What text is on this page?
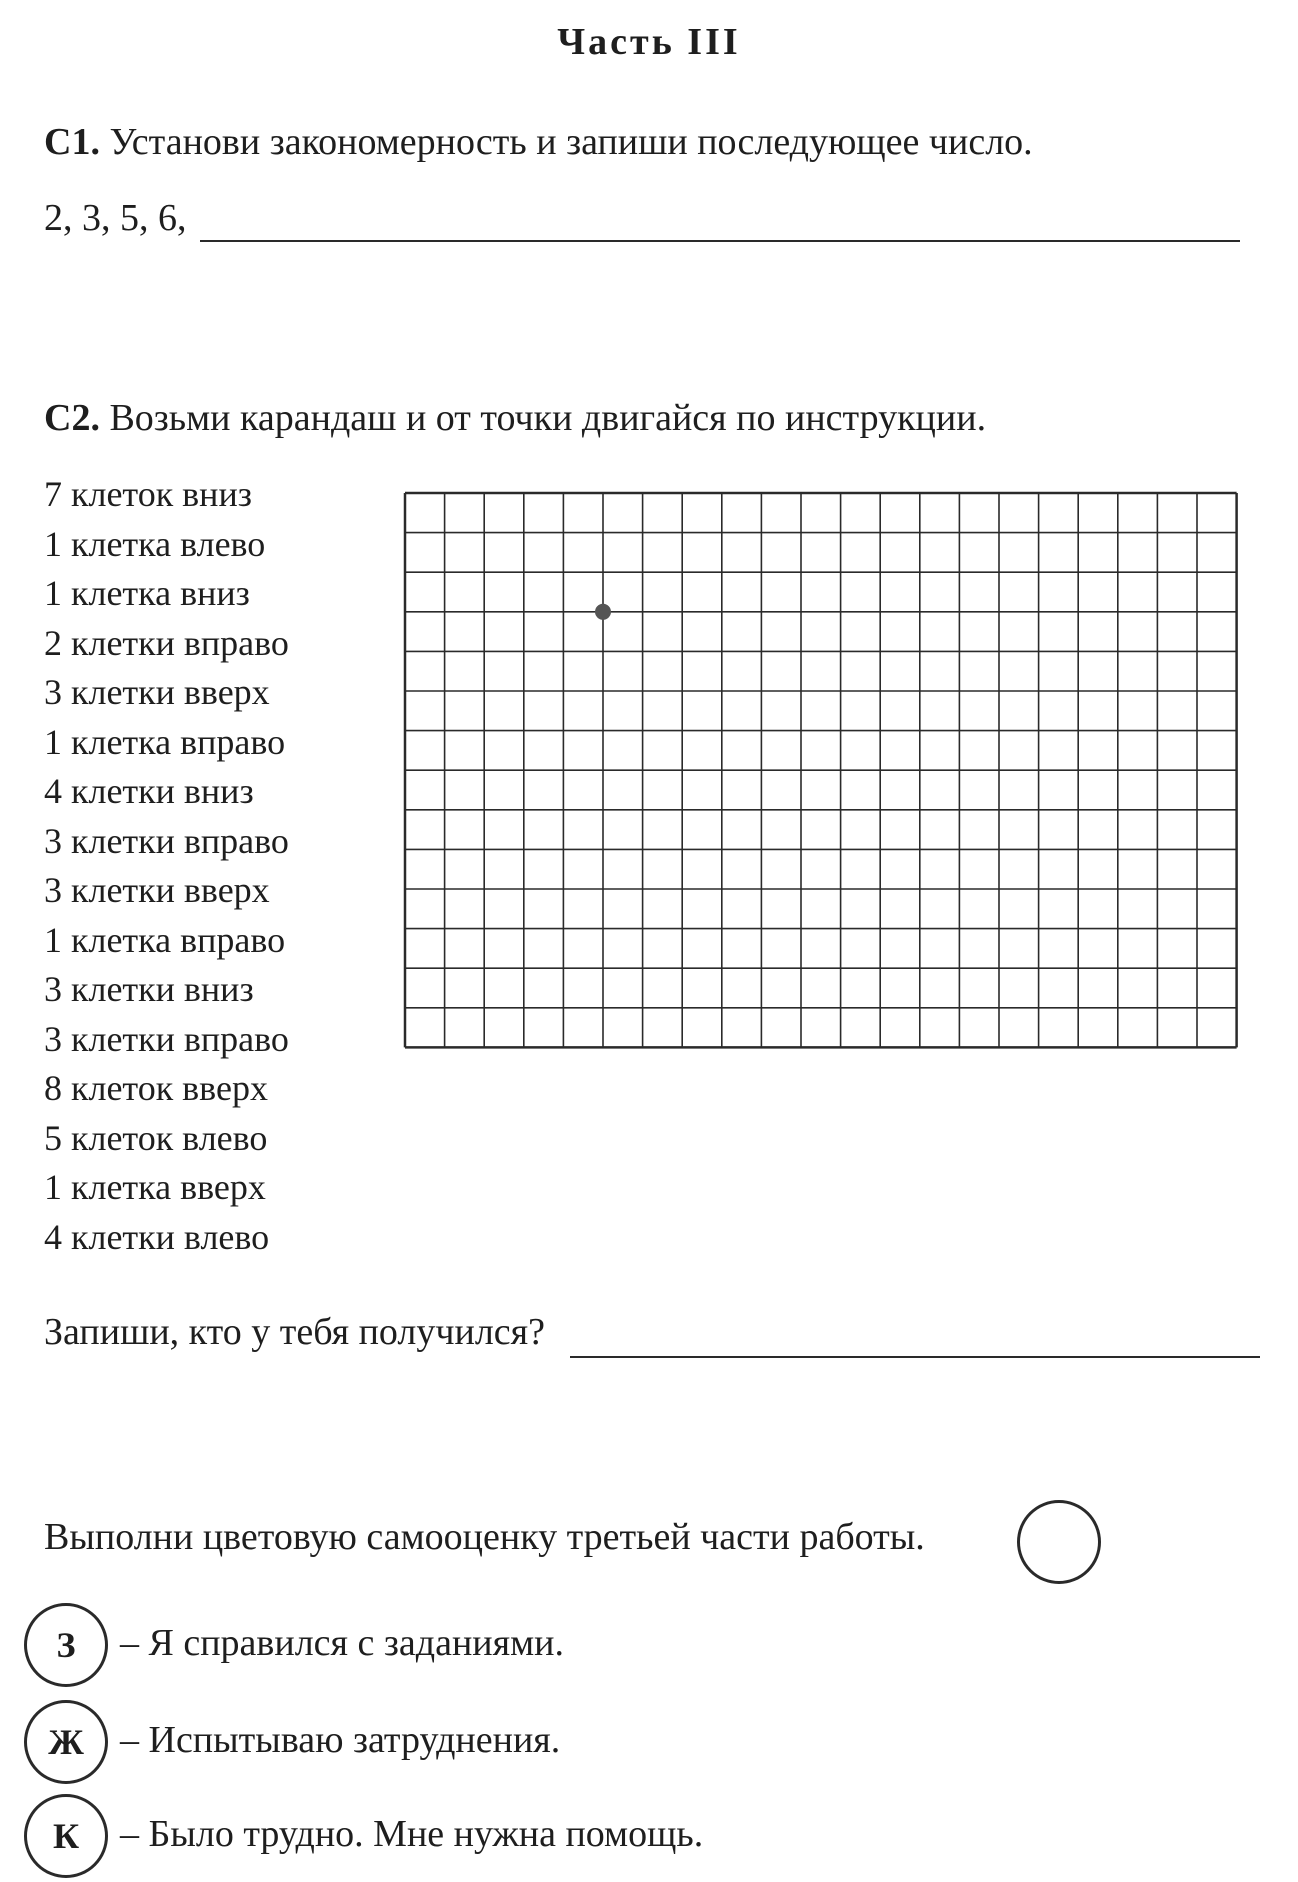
Часть III
С1. Установи закономерность и запиши последующее число.
2, 3, 5, 6,
С2. Возьми карандаш и от точки двигайся по инструкции.
7 клеток вниз
1 клетка влево
1 клетка вниз
2 клетки вправо
3 клетки вверх
1 клетка вправо
4 клетки вниз
3 клетки вправо
3 клетки вверх
1 клетка вправо
3 клетки вниз
3 клетки вправо
8 клеток вверх
5 клеток влево
1 клетка вверх
4 клетки влево
Запиши, кто у тебя получился?
Выполни цветовую самооценку третьей части работы.
З	– Я справился с заданиями.
Ж – Испытываю затруднения.
К	– Было трудно. Мне нужна помощь.
